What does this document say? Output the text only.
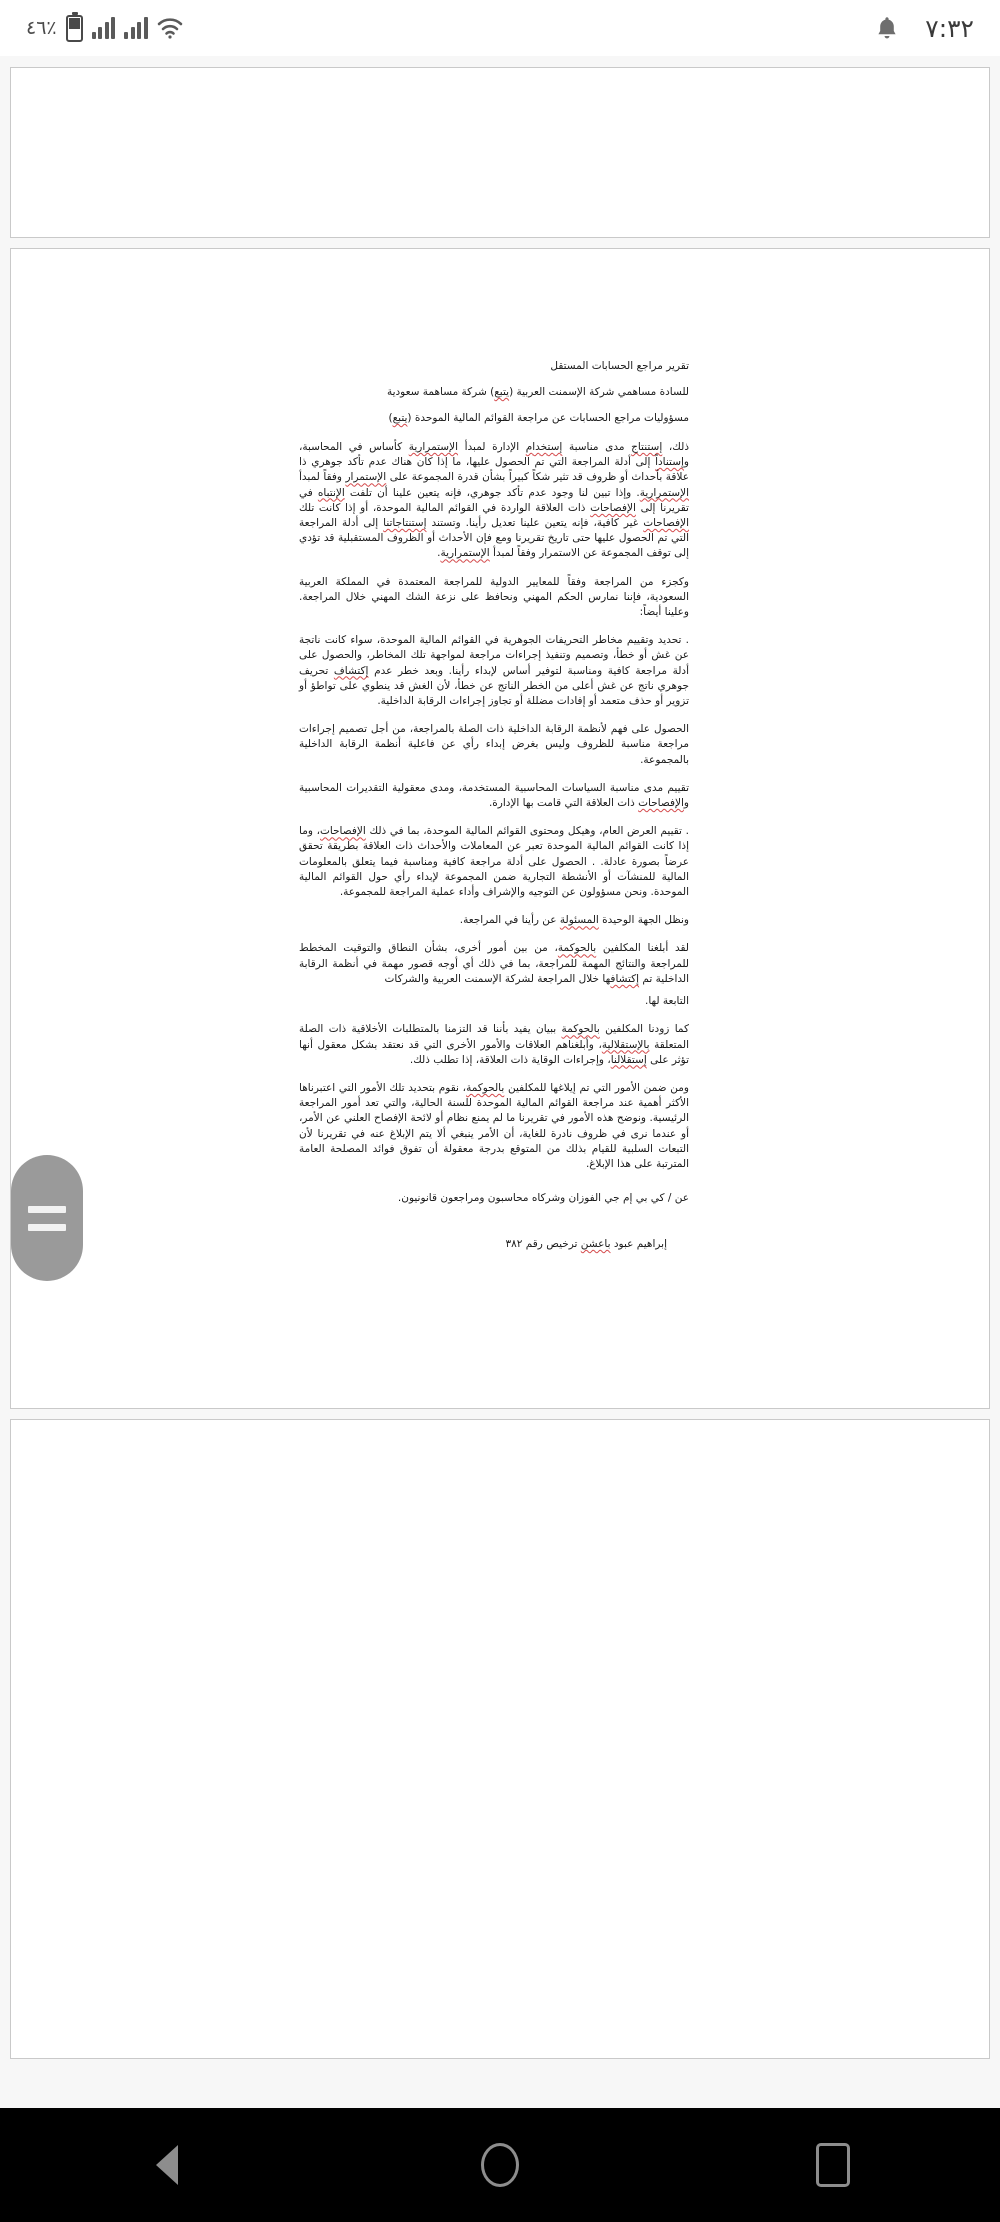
٪٤٦	٧:٣٢
تقرير مراجع الحسابات المستقل
للسادة مساهمي شركة الإسمنت العربية (يتبع) شركة مساهمة سعودية
مسؤوليات مراجع الحسابات عن مراجعة القوائم المالية الموحدة (يتبع)

ذلك، إستنتاج مدى مناسبة إستخدام الإدارة لمبدأ الإستمرارية كأساس في المحاسبة، وإستناداً إلى أدلة المراجعة التي تم الحصول عليها، ما إذا كان هناك عدم تأكد جوهري ذا علاقة بأحداث أو ظروف قد تثير شكاً كبيراً بشأن قدرة المجموعة على الإستمرار وفقاً لمبدأ الإستمرارية. وإذا تبين لنا وجود عدم تأكد جوهري، فإنه يتعين علينا أن تلفت الإنتباه في تقريرنا إلى الإفصاحات ذات العلاقة الواردة في القوائم المالية الموحدة، أو إذا كانت تلك الإفصاحات غير كافية، فإنه يتعين علينا تعديل رأينا. وتستند إستنتاجاتنا إلى أدلة المراجعة التي تم الحصول عليها حتى تاريخ تقريرنا ومع فإن الأحداث أو الظروف المستقبلية قد تؤدي إلى توقف المجموعة عن الاستمرار وفقاً لمبدأ الإستمرارية.

وكجزء من المراجعة وفقاً للمعايير الدولية للمراجعة المعتمدة في المملكة العربية السعودية، فإننا نمارس الحكم المهني ونحافظ على نزعة الشك المهني خلال المراجعة. وعلينا أيضاً:

. تحديد وتقييم مخاطر التحريفات الجوهرية في القوائم المالية الموحدة، سواء كانت ناتجة عن غش أو خطأ، وتصميم وتنفيذ إجراءات مراجعة لمواجهة تلك المخاطر، والحصول على أدلة مراجعة كافية ومناسبة لتوفير أساس لإبداء رأينا. وبعد خطر عدم إكتشاف تحريف جوهري ناتج عن غش أعلى من الخطر الناتج عن خطأ، لأن الغش قد ينطوي على تواطؤ أو تزوير أو حذف متعمد أو إفادات مضللة أو تجاوز إجراءات الرقابة الداخلية.

الحصول على فهم لأنظمة الرقابة الداخلية ذات الصلة بالمراجعة، من أجل تصميم إجراءات مراجعة مناسبة للظروف وليس بغرض إبداء رأي عن فاعلية أنظمة الرقابة الداخلية بالمجموعة.

تقييم مدى مناسبة السياسات المحاسبية المستخدمة، ومدى معقولية التقديرات المحاسبية والإفصاحات ذات العلاقة التي قامت بها الإدارة.

. تقييم العرض العام، وهيكل ومحتوى القوائم المالية الموحدة، بما في ذلك الإفصاحات، وما إذا كانت القوائم المالية الموحدة تعبر عن المعاملات والأحداث ذات العلاقة بطريقة تحقق عرضاً بصورة عادلة. . الحصول على أدلة مراجعة كافية ومناسبة فيما يتعلق بالمعلومات المالية للمنشآت أو الأنشطة التجارية ضمن المجموعة لإبداء رأي حول القوائم المالية الموحدة. ونحن مسؤولون عن التوجيه والإشراف وأداء عملية المراجعة للمجموعة.

ونظل الجهة الوحيدة المسئولة عن رأينا في المراجعة.

لقد أبلغنا المكلفين بالحوكمة، من بين أمور أخرى، بشأن النطاق والتوقيت المخطط للمراجعة والنتائج المهمة للمراجعة، بما في ذلك أي أوجه قصور مهمة في أنظمة الرقابة الداخلية تم إكتشافها خلال المراجعة لشركة الإسمنت العربية والشركات

التابعة لها.

كما زودنا المكلفين بالحوكمة ببيان يفيد بأننا قد التزمنا بالمتطلبات الأخلاقية ذات الصلة المتعلقة بالإستقلالية، وأبلغناهم العلاقات والأمور الأخرى التي قد نعتقد بشكل معقول أنها تؤثر على إستقلالنا، وإجراءات الوقاية ذات العلاقة، إذا تطلب ذلك.

ومن ضمن الأمور التي تم إيلاغها للمكلفين بالحوكمة، نقوم بتحديد تلك الأمور التي اعتبرناها الأكثر أهمية عند مراجعة القوائم المالية الموحدة للسنة الحالية، والتي تعد أمور المراجعة الرئيسية. ونوضح هذه الأمور في تقريرنا ما لم يمنع نظام أو لائحة الإفصاح العلني عن الأمر، أو عندما نرى في ظروف نادرة للغاية، أن الأمر ينبغي ألا يتم الإبلاغ عنه في تقريرنا لأن التبعات السلبية للقيام بذلك من المتوقع بدرجة معقولة أن تفوق فوائد المصلحة العامة المترتبة على هذا الإبلاغ.

عن / كي بي إم جي الفوزان وشركاه محاسبون ومراجعون قانونيون.
إبراهيم عبود باعشن ترخيص رقم ٣٨٢
